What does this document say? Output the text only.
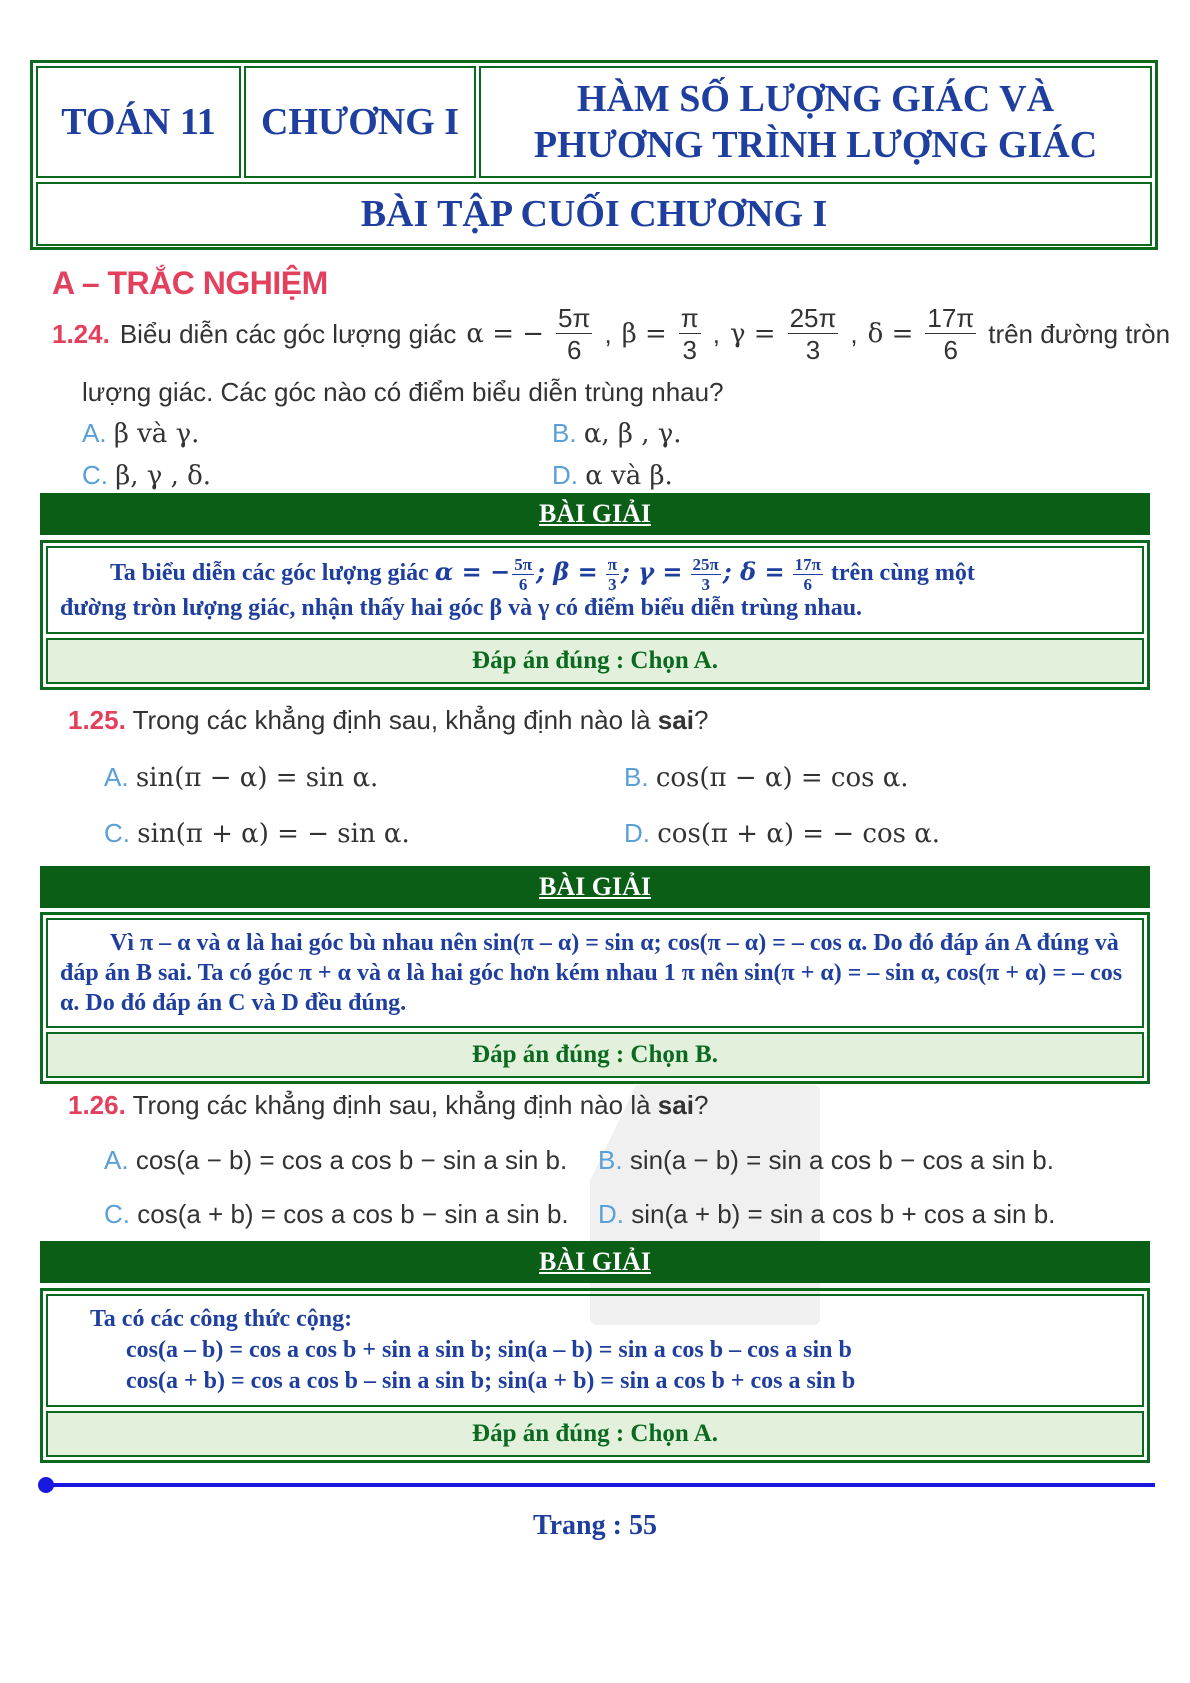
TOÁN 11	CHƯƠNG I
HÀM SỐ LƯỢNG GIÁC VÀ
PHƯƠNG TRÌNH LƯỢNG GIÁC
BÀI TẬP CUỐI CHƯƠNG I
A – TRẮC NGHIỆM
1.24. Biểu diễn các góc lượng giác α = − $\frac{5\pi}{6}$ , $\beta = \frac{\pi}{3}$ , $\gamma = \frac{25\pi}{3}$ , $\delta = \frac{17\pi}{6}$ trên đường tròn
lượng giác. Các góc nào có điểm biểu diễn trùng nhau?
A. β và γ.	B. α, β , γ.
C. β, γ , δ.	D. α và β.
BÀI GIẢI
Ta biểu diễn các góc lượng giác α = − $\frac{5\pi}{6}$ ; $\beta = \frac{\pi}{3}$ ; $\gamma = \frac{25\pi}{3}$ ; $\delta = \frac{17\pi}{6}$ trên cùng một
đường tròn lượng giác, nhận thấy hai góc β và γ có điểm biểu diễn trùng nhau.
Đáp án đúng : Chọn A.
1.25. Trong các khẳng định sau, khẳng định nào là sai?
A. sin(π − α) = sin α.	B. cos(π − α) = cos α.
C. sin(π + α) = − sin α.	D. cos(π + α) = − cos α.
BÀI GIẢI
Vì π – α và α là hai góc bù nhau nên sin(π – α) = sin α; cos(π – α) = – cos α. Do đó đáp án A đúng và đáp án B sai. Ta có góc π + α và α là hai góc hơn kém nhau 1 π nên sin(π + α) = – sin α, cos(π + α) = – cos α. Do đó đáp án C và D đều đúng.
Đáp án đúng : Chọn B.
1.26. Trong các khẳng định sau, khẳng định nào là sai?
A. cos(a − b) = cos a cos b − sin a sin b. B. sin(a − b) = sin a cos b − cos a sin b.
C. cos(a + b) = cos a cos b − sin a sin b. D. sin(a + b) = sin a cos b + cos a sin b.
BÀI GIẢI
Ta có các công thức cộng:
cos(a – b) = cos a cos b + sin a sin b; sin(a – b) = sin a cos b – cos a sin b
cos(a + b) = cos a cos b – sin a sin b; sin(a + b) = sin a cos b + cos a sin b
Đáp án đúng : Chọn A.
Trang : 55
